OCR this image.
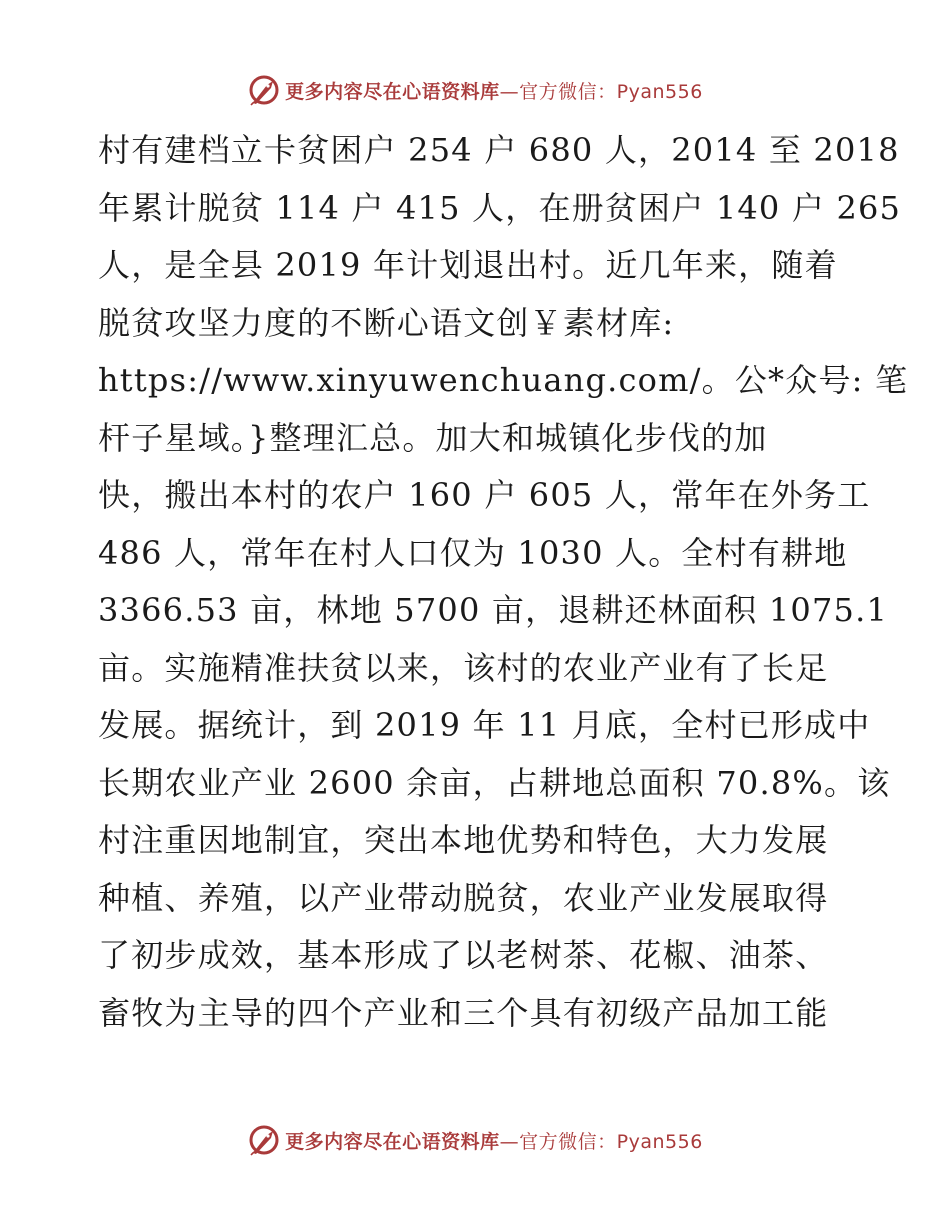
更多内容尽在心语资料库—官方微信：Pyan556
村有建档立卡贫困户 254 户 680 人，2014 至 2018
年累计脱贫 114 户 415 人，在册贫困户 140 户 265
人，是全县 2019 年计划退出村。近几年来，随着
脱贫攻坚力度的不断心语文创￥素材库:
https://www.xinyuwenchuang.com/。公*众号: 笔
杆子星域。}整理汇总。加大和城镇化步伐的加
快，搬出本村的农户 160 户 605 人，常年在外务工
486 人，常年在村人口仅为 1030 人。全村有耕地
3366.53 亩，林地 5700 亩，退耕还林面积 1075.1
亩。实施精准扶贫以来，该村的农业产业有了长足
发展。据统计，到 2019 年 11 月底，全村已形成中
长期农业产业 2600 余亩，占耕地总面积 70.8%。该
村注重因地制宜，突出本地优势和特色，大力发展
种植、养殖，以产业带动脱贫，农业产业发展取得
了初步成效，基本形成了以老树茶、花椒、油茶、
畜牧为主导的四个产业和三个具有初级产品加工能
更多内容尽在心语资料库—官方微信：Pyan556
